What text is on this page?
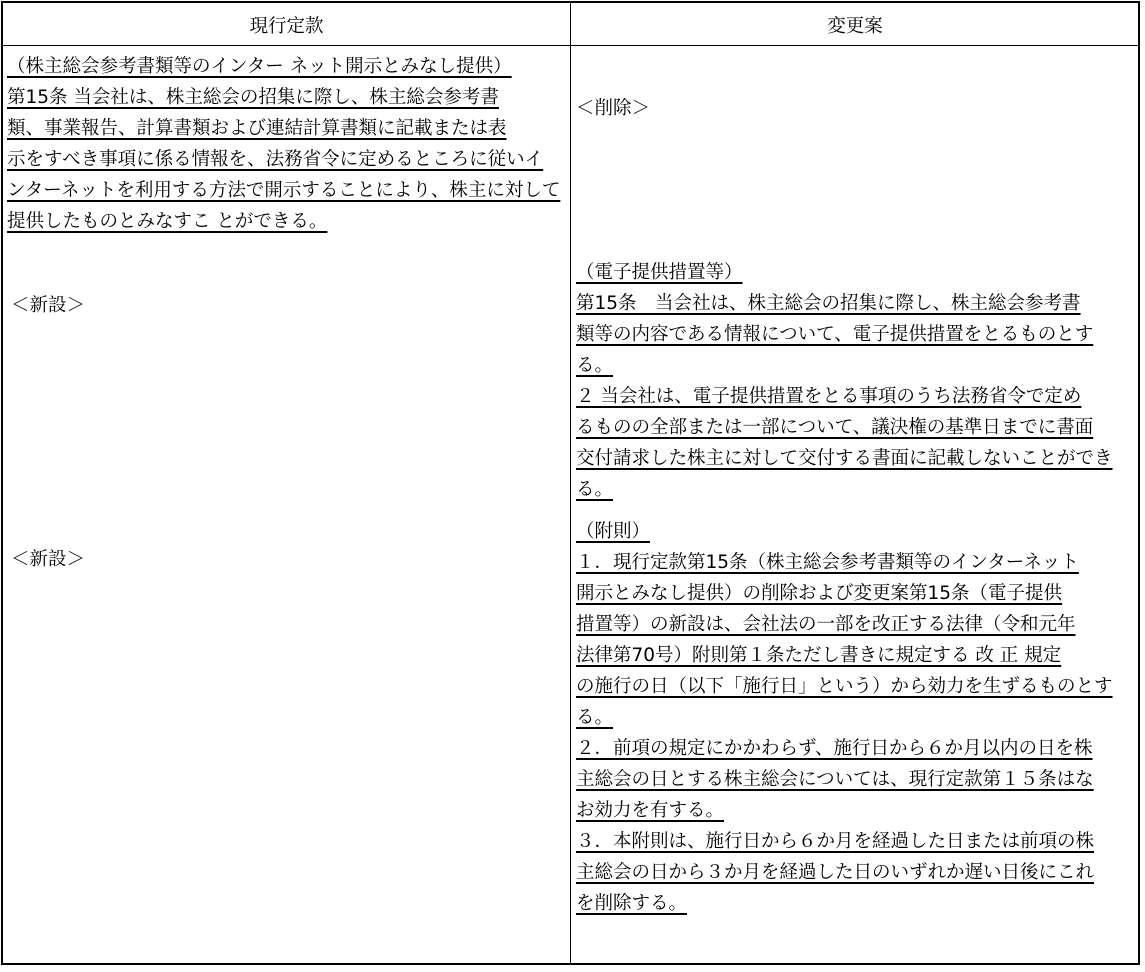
現行定款	変更案
（株主総会参考書類等のインター ネット開示とみなし提供）
第15条 当会社は、株主総会の招集に際し、株主総会参考書
類、事業報告、計算書類および連結計算書類に記載または表
示をすべき事項に係る情報を、法務省令に定めるところに従いイ
ンターネットを利用する方法で開示することにより、株主に対して
提供したものとみなすこ とができる。
＜新設＞
＜新設＞
＜削除＞
（電子提供措置等）
第15条　当会社は、株主総会の招集に際し、株主総会参考書
類等の内容である情報について、電子提供措置をとるものとす
る。
２ 当会社は、電子提供措置をとる事項のうち法務省令で定め
るものの全部または一部について、議決権の基準日までに書面
交付請求した株主に対して交付する書面に記載しないことができ
る。
（附則）
１．現行定款第15条（株主総会参考書類等のインターネット
開示とみなし提供）の削除および変更案第15条（電子提供
措置等）の新設は、会社法の一部を改正する法律（令和元年
法律第70号）附則第１条ただし書きに規定する 改 正 規定
の施行の日（以下「施行日」という）から効力を生ずるものとす
る。
２．前項の規定にかかわらず、施行日から６か月以内の日を株
主総会の日とする株主総会については、現行定款第１５条はな
お効力を有する。
３．本附則は、施行日から６か月を経過した日または前項の株
主総会の日から３か月を経過した日のいずれか遅い日後にこれ
を削除する。
